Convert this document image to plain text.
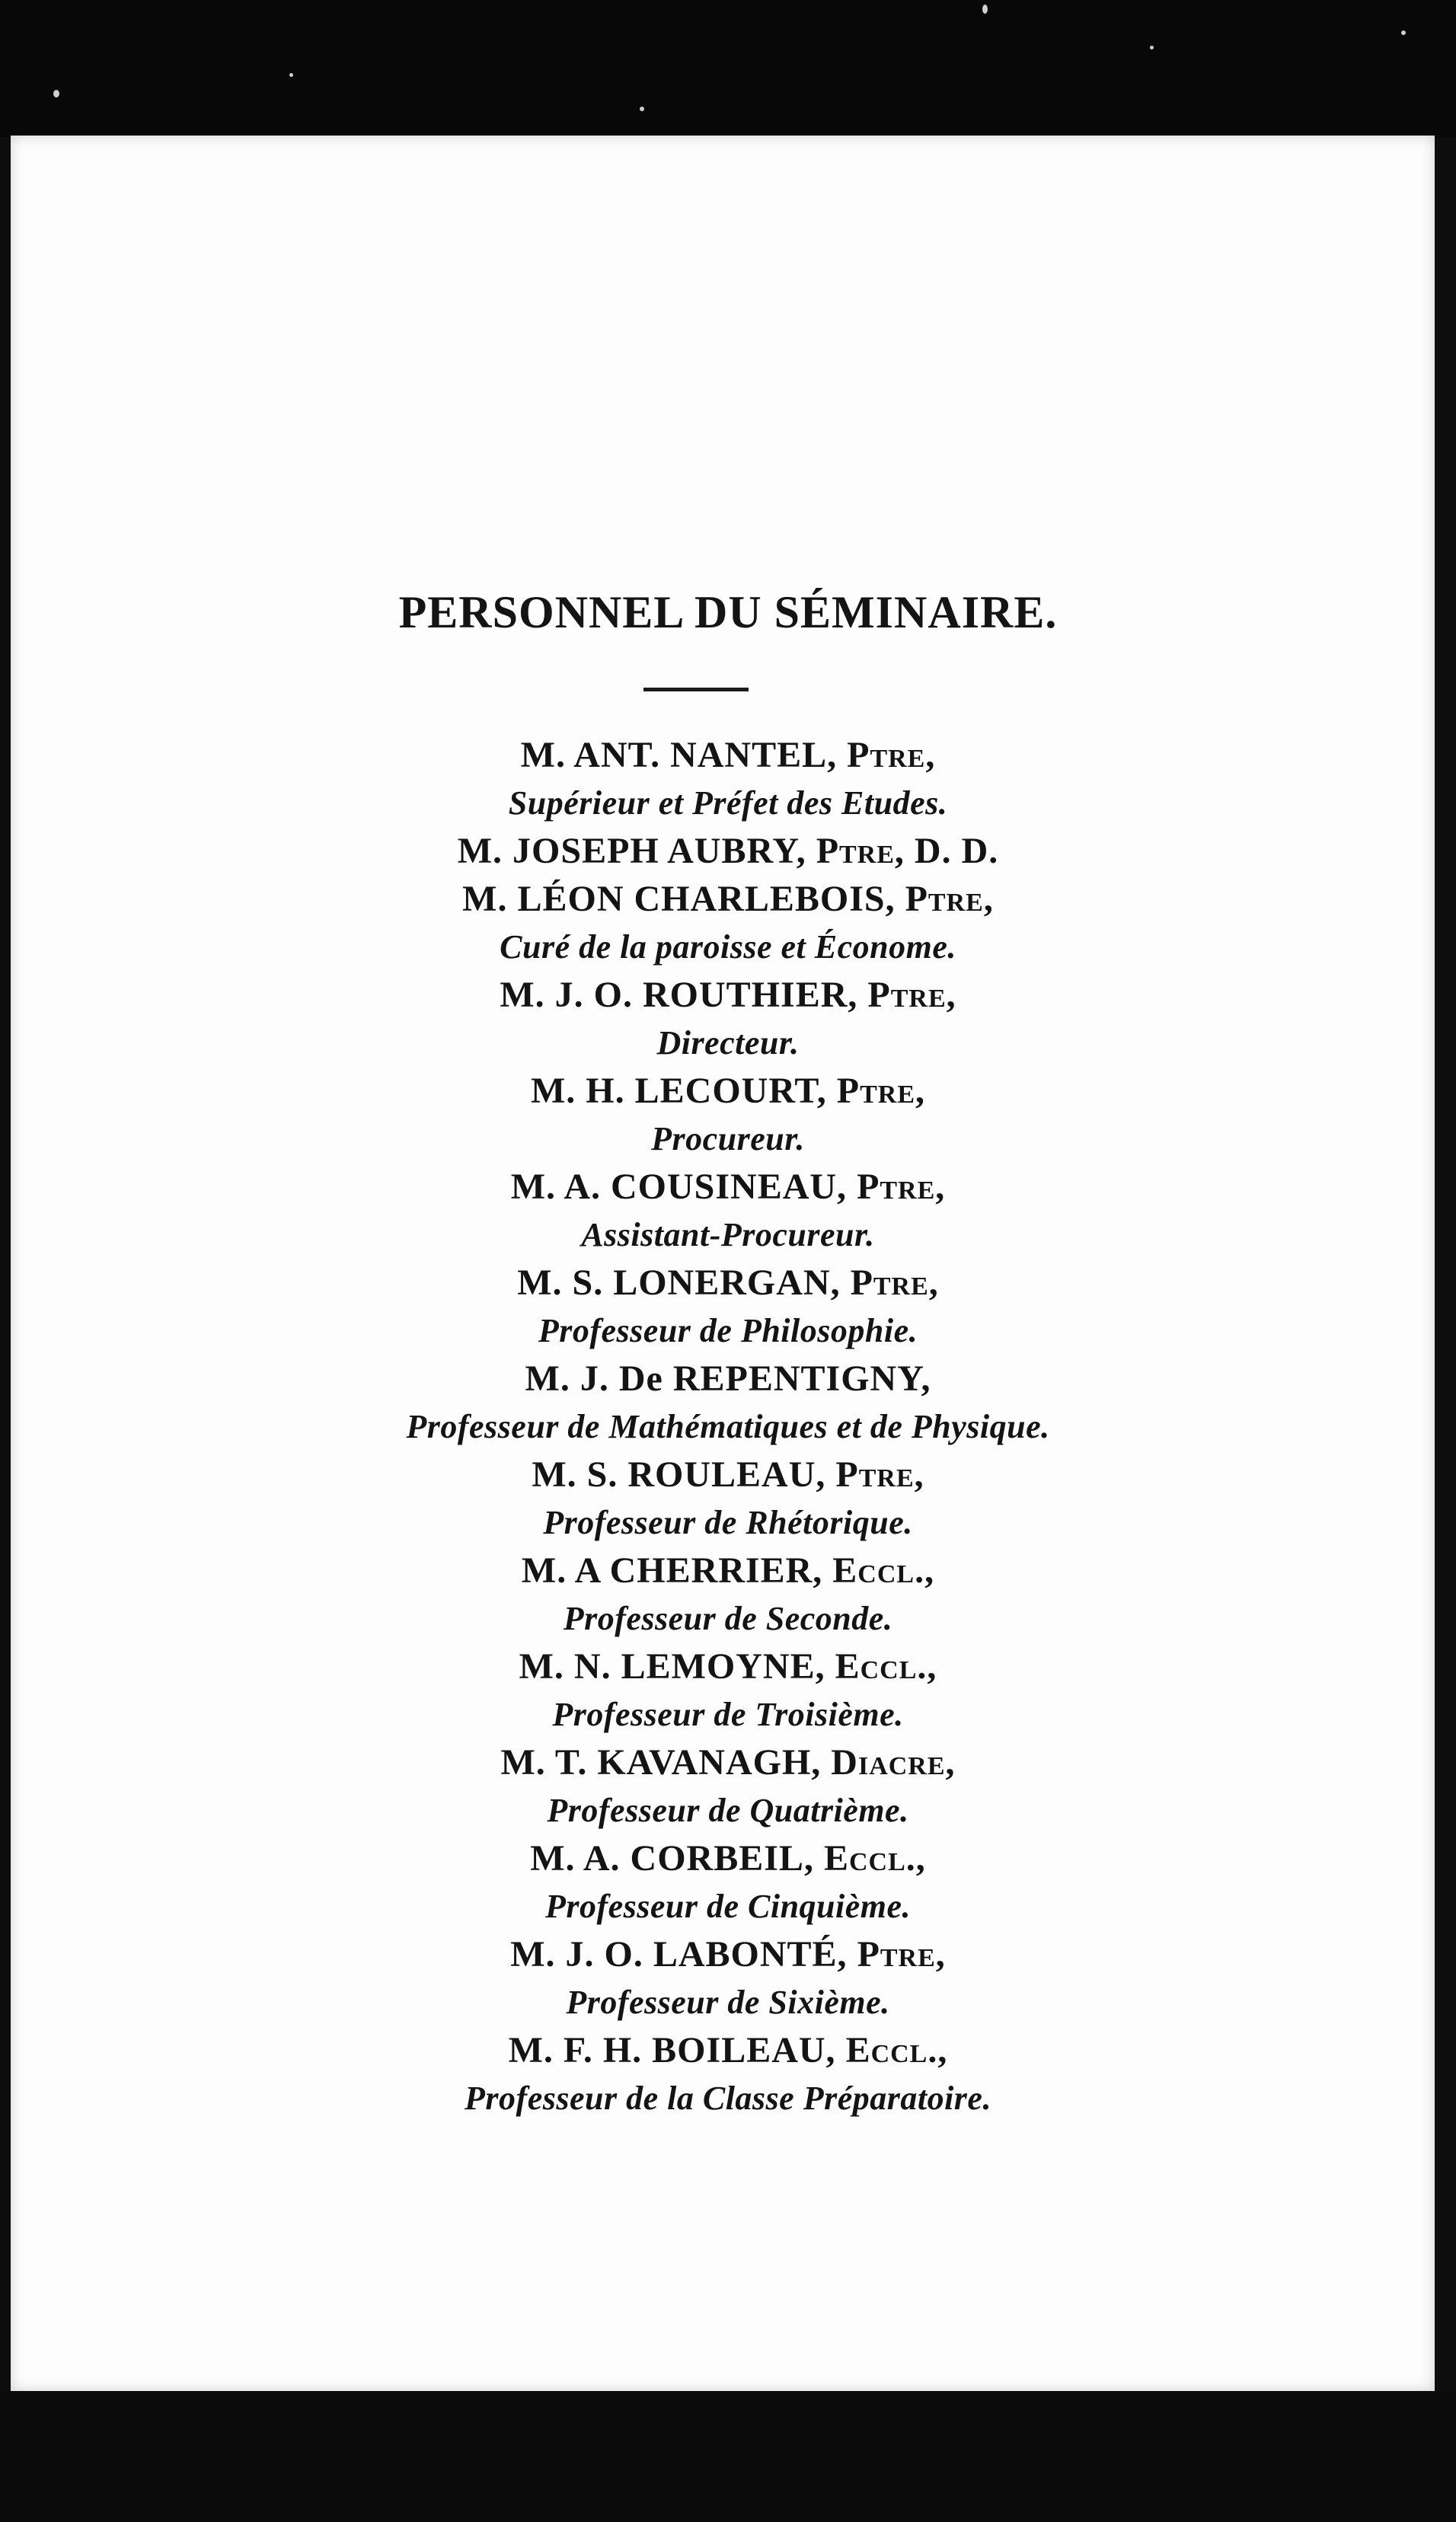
PERSONNEL DU SÉMINAIRE.
M. ANT. NANTEL, Ptre,
Supérieur et Préfet des Etudes.
M. JOSEPH AUBRY, Ptre, D. D.
M. LÉON CHARLEBOIS, Ptre,
Curé de la paroisse et Économe.
M. J. O. ROUTHIER, Ptre,
Directeur.
M. H. LECOURT, Ptre,
Procureur.
M. A. COUSINEAU, Ptre,
Assistant-Procureur.
M. S. LONERGAN, Ptre,
Professeur de Philosophie.
M. J. De REPENTIGNY,
Professeur de Mathématiques et de Physique.
M. S. ROULEAU, Ptre,
Professeur de Rhétorique.
M. A CHERRIER, Eccl.,
Professeur de Seconde.
M. N. LEMOYNE, Eccl.,
Professeur de Troisième.
M. T. KAVANAGH, Diacre,
Professeur de Quatrième.
M. A. CORBEIL, Eccl.,
Professeur de Cinquième.
M. J. O. LABONTÉ, Ptre,
Professeur de Sixième.
M. F. H. BOILEAU, Eccl.,
Professeur de la Classe Préparatoire.
